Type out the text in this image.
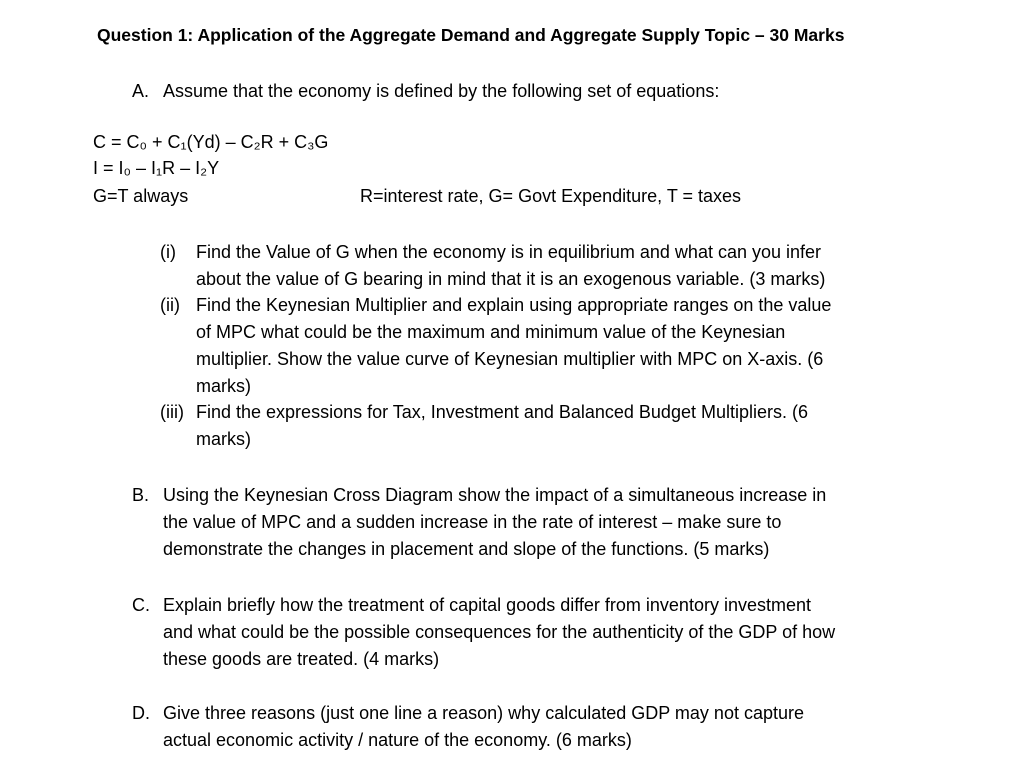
Question 1: Application of the Aggregate Demand and Aggregate Supply Topic – 30 Marks
A. Assume that the economy is defined by the following set of equations:
C = C₀ + C₁(Yd) – C₂R + C₃G
I = I₀ – I₁R – I₂Y
G=T always	R=interest rate, G= Govt Expenditure, T = taxes
(i) Find the Value of G when the economy is in equilibrium and what can you infer
about the value of G bearing in mind that it is an exogenous variable. (3 marks)
(ii) Find the Keynesian Multiplier and explain using appropriate ranges on the value
of MPC what could be the maximum and minimum value of the Keynesian
multiplier. Show the value curve of Keynesian multiplier with MPC on X-axis. (6
marks)
(iii) Find the expressions for Tax, Investment and Balanced Budget Multipliers. (6
marks)
B. Using the Keynesian Cross Diagram show the impact of a simultaneous increase in
the value of MPC and a sudden increase in the rate of interest – make sure to
demonstrate the changes in placement and slope of the functions. (5 marks)
C. Explain briefly how the treatment of capital goods differ from inventory investment
and what could be the possible consequences for the authenticity of the GDP of how
these goods are treated. (4 marks)
D. Give three reasons (just one line a reason) why calculated GDP may not capture
actual economic activity / nature of the economy. (6 marks)
